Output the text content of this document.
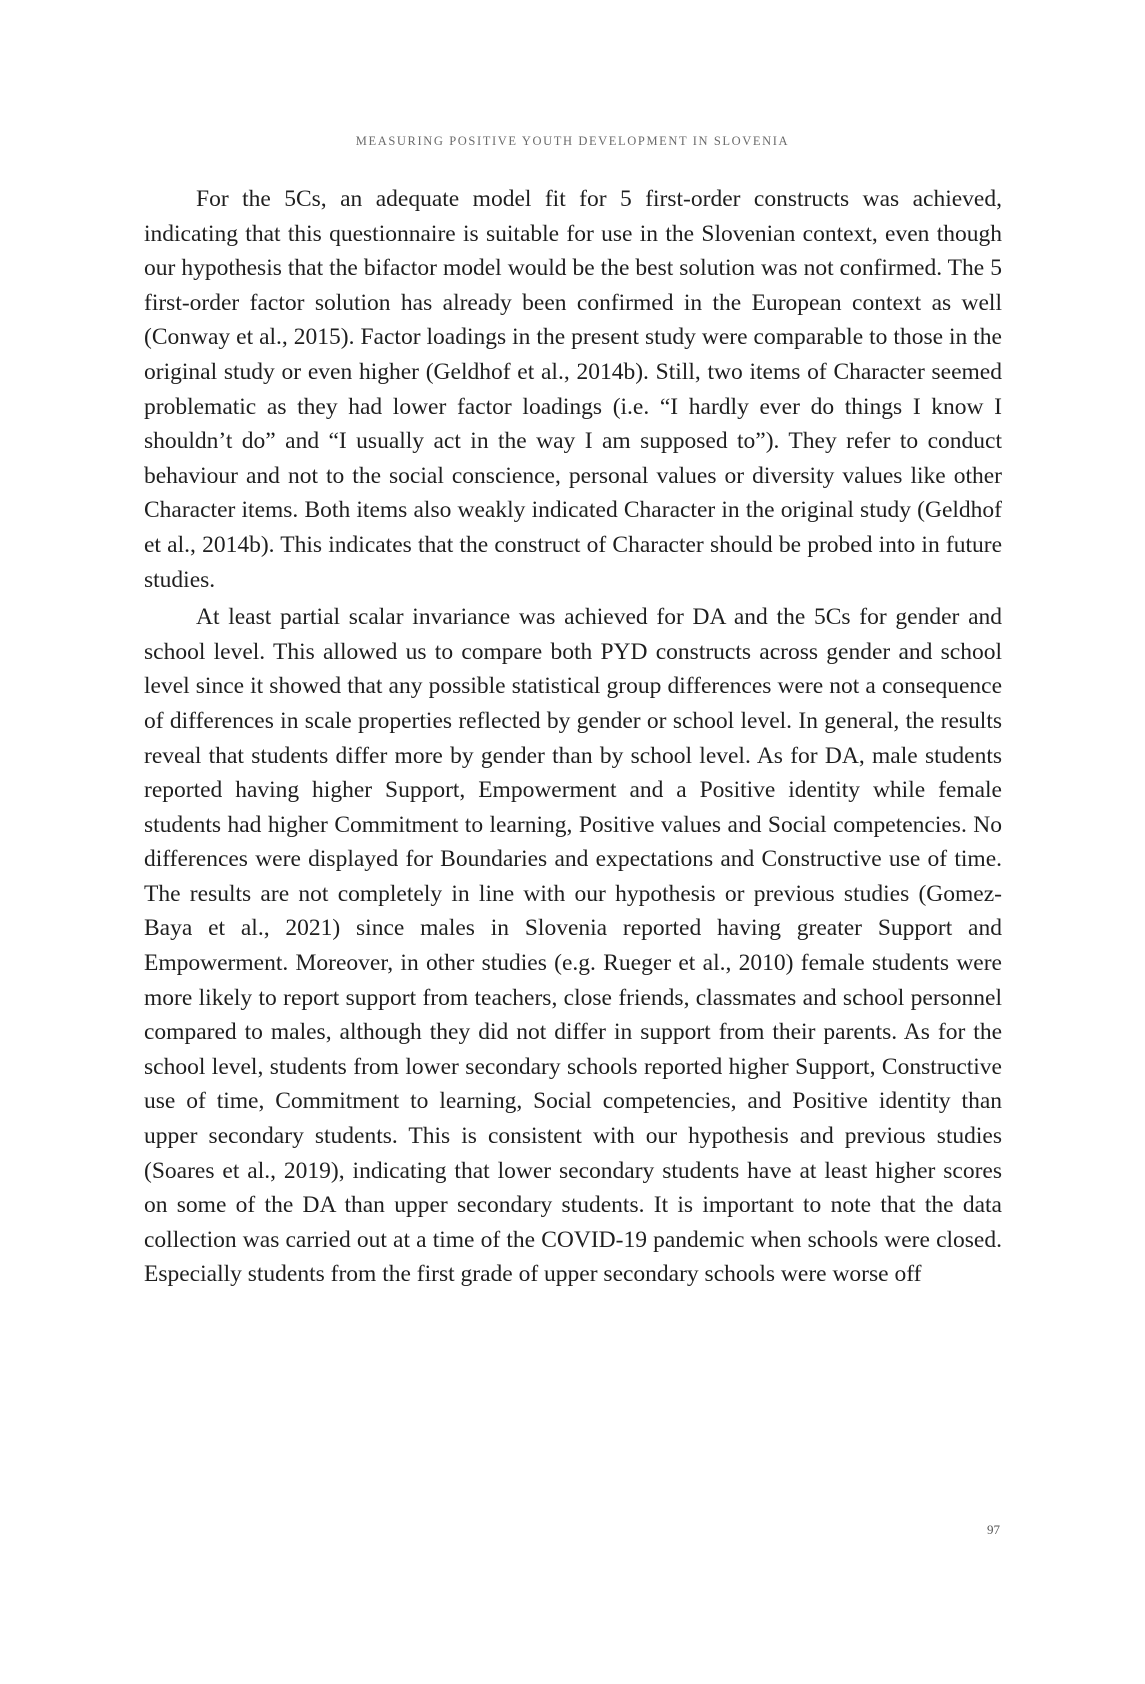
MEASURING POSITIVE YOUTH DEVELOPMENT IN SLOVENIA

For the 5Cs, an adequate model fit for 5 first-order constructs was achieved, indicating that this questionnaire is suitable for use in the Slovenian context, even though our hypothesis that the bifactor model would be the best solution was not confirmed. The 5 first-order factor solution has already been confirmed in the European context as well (Conway et al., 2015). Factor loadings in the present study were comparable to those in the original study or even higher (Geldhof et al., 2014b). Still, two items of Character seemed problematic as they had lower factor loadings (i.e. “I hardly ever do things I know I shouldn’t do” and “I usually act in the way I am supposed to”). They refer to conduct behaviour and not to the social conscience, personal values or diversity values like other Character items. Both items also weakly indicated Character in the original study (Geldhof et al., 2014b). This indicates that the construct of Character should be probed into in future studies.

At least partial scalar invariance was achieved for DA and the 5Cs for gender and school level. This allowed us to compare both PYD constructs across gender and school level since it showed that any possible statistical group differences were not a consequence of differences in scale properties reflected by gender or school level. In general, the results reveal that students differ more by gender than by school level. As for DA, male students reported having higher Support, Empowerment and a Positive identity while female students had higher Commitment to learning, Positive values and Social competencies. No differences were displayed for Boundaries and expectations and Constructive use of time. The results are not completely in line with our hypothesis or previous studies (Gomez-Baya et al., 2021) since males in Slovenia reported having greater Support and Empowerment. Moreover, in other studies (e.g. Rueger et al., 2010) female students were more likely to report support from teachers, close friends, classmates and school personnel compared to males, although they did not differ in support from their parents. As for the school level, students from lower secondary schools reported higher Support, Constructive use of time, Commitment to learning, Social competencies, and Positive identity than upper secondary students. This is consistent with our hypothesis and previous studies (Soares et al., 2019), indicating that lower secondary students have at least higher scores on some of the DA than upper secondary students. It is important to note that the data collection was carried out at a time of the COVID-19 pandemic when schools were closed. Especially students from the first grade of upper secondary schools were worse off

97
